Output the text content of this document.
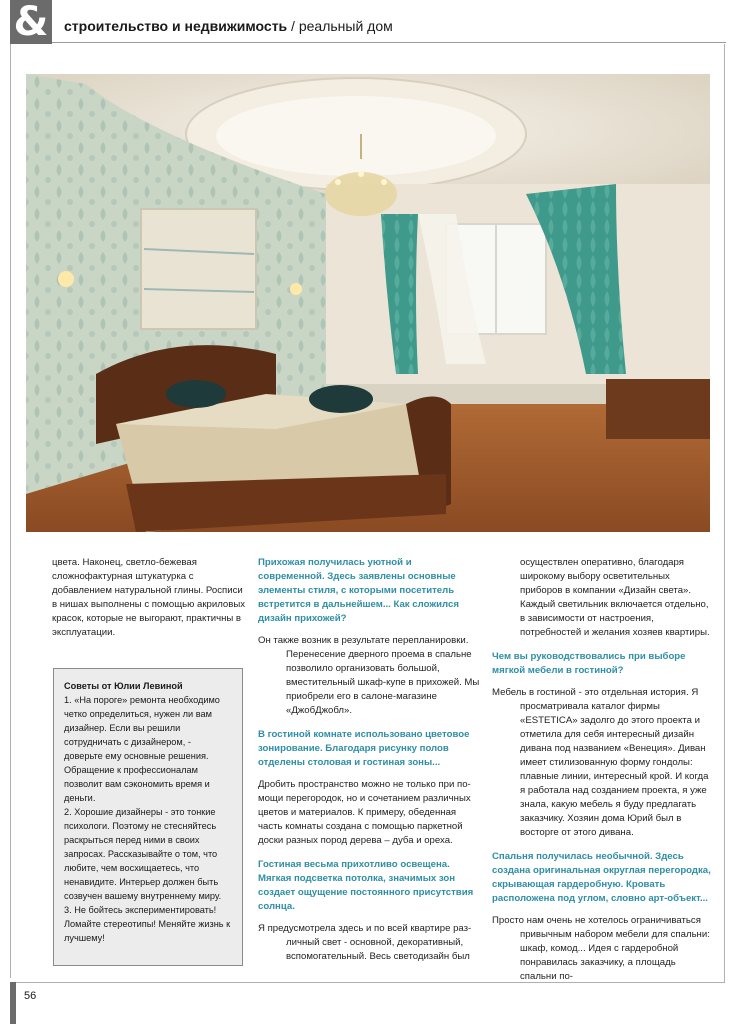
& строительство и недвижимость / реальный дом

цвета. Наконец, светло-бежевая сложнофактурная штукатурка с добавлением натуральной глины. Росписи в нишах выполнены с помощью акриловых красок, которые не выгорают, практичны в эксплуатации.

Советы от Юлии Левиной

1. «На пороге» ремонта необходимо четко определиться, нужен ли вам дизайнер. Если вы решили сотрудничать с дизайнером, - доверьте ему основные решения. Обращение к профессионалам позволит вам сэкономить время и деньги.

2. Хорошие дизайнеры - это тонкие психологи. Поэтому не стесняйтесь раскрыться перед ними в своих запросах. Рассказывайте о том, что любите, чем восхищаетесь, что ненавидите. Интерьер должен быть созвучен вашему внутреннему миру.

3. Не бойтесь экспериментировать! Ломайте стереотипы! Меняйте жизнь к лучшему!

Прихожая получилась уютной и современной. Здесь заявлены основные элементы стиля, с которыми посетитель встретится в дальнейшем... Как сложился дизайн прихожей?

Он также возник в результате перепланировки.

Перенесение дверного проема в спальне позволило организовать большой, вместительный шкаф-купе в прихожей. Мы приобрели его в салоне-магазине «ДжобДжобл».

В гостиной комнате использовано цветовое зонирование. Благодаря рисунку полов отделены столовая и гостиная зоны...

Дробить пространство можно не только при по-

мощи перегородок, но и сочетанием различных цветов и материалов. К примеру, обеденная часть комнаты создана с помощью паркетной доски разных пород дерева – дуба и ореха.

Гостиная весьма прихотливо освещена. Мягкая подсветка потолка, значимых зон создает ощущение постоянного присутствия солнца.

Я предусмотрела здесь и по всей квартире раз-

личный свет - основной, декоративный, вспомогательный. Весь светодизайн был

осуществлен оперативно, благодаря широкому выбору осветительных приборов в компании «Дизайн света». Каждый светильник включается отдельно, в зависимости от настроения, потребностей и желания хозяев квартиры.

Чем вы руководствовались при выборе мягкой мебели в гостиной?

Мебель в гостиной - это отдельная история. Я

просматривала каталог фирмы «ESTETICA» задолго до этого проекта и отметила для себя интересный дизайн дивана под названием «Венеция». Диван имеет стилизованную форму гондолы: плавные линии, интересный крой. И когда я работала над созданием проекта, я уже знала, какую мебель я буду предлагать заказчику. Хозяин дома Юрий был в восторге от этого дивана.

Спальня получилась необычной. Здесь создана оригинальная округлая перегородка, скрывающая гардеробную. Кровать расположена под углом, словно арт-объект...

Просто нам очень не хотелось ограничиваться

привычным набором мебели для спальни: шкаф, комод... Идея с гардеробной понравилась заказчику, а площадь спальни по-

56
